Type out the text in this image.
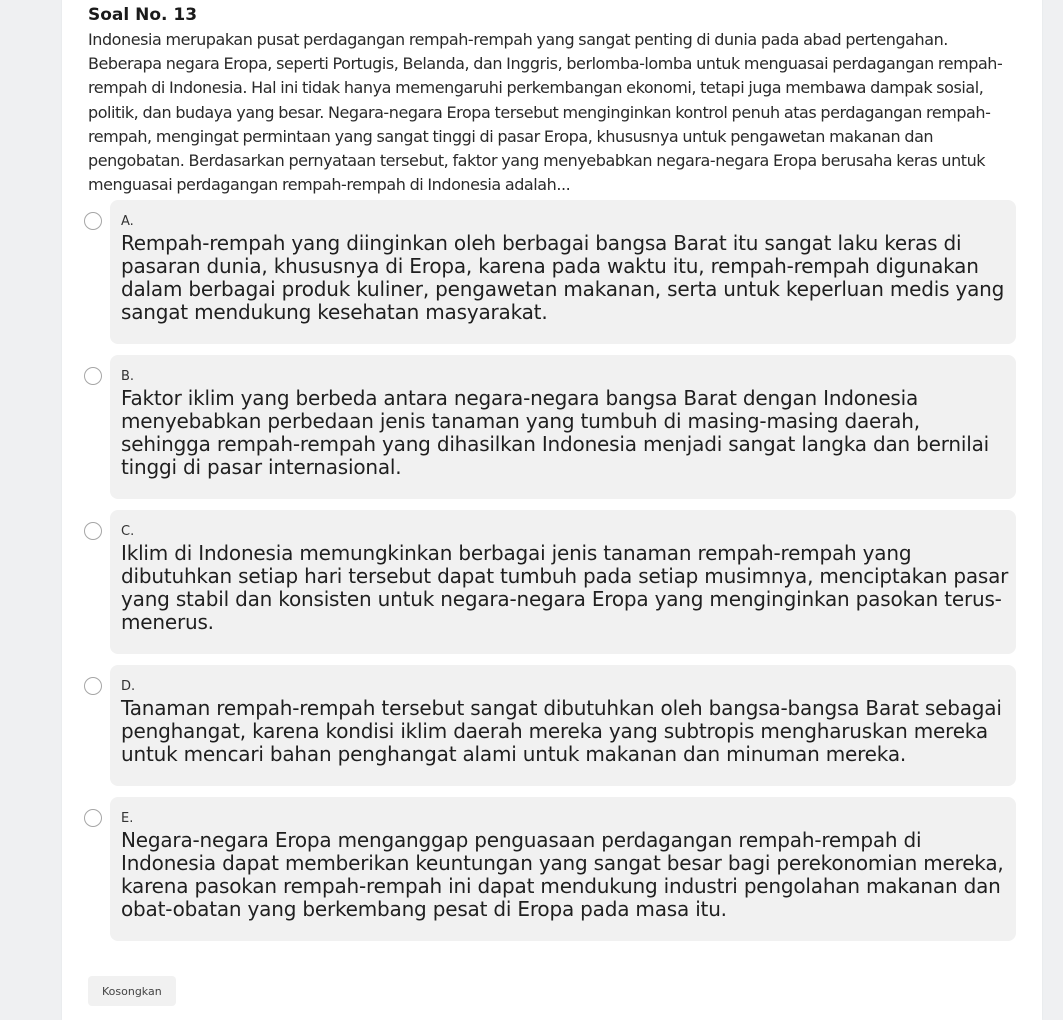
Soal No. 13
Indonesia merupakan pusat perdagangan rempah-rempah yang sangat penting di dunia pada abad pertengahan. Beberapa negara Eropa, seperti Portugis, Belanda, dan Inggris, berlomba-lomba untuk menguasai perdagangan rempah-rempah di Indonesia. Hal ini tidak hanya memengaruhi perkembangan ekonomi, tetapi juga membawa dampak sosial, politik, dan budaya yang besar. Negara-negara Eropa tersebut menginginkan kontrol penuh atas perdagangan rempah-rempah, mengingat permintaan yang sangat tinggi di pasar Eropa, khususnya untuk pengawetan makanan dan pengobatan. Berdasarkan pernyataan tersebut, faktor yang menyebabkan negara-negara Eropa berusaha keras untuk menguasai perdagangan rempah-rempah di Indonesia adalah...
A.
Rempah-rempah yang diinginkan oleh berbagai bangsa Barat itu sangat laku keras di pasaran dunia, khususnya di Eropa, karena pada waktu itu, rempah-rempah digunakan dalam berbagai produk kuliner, pengawetan makanan, serta untuk keperluan medis yang sangat mendukung kesehatan masyarakat.
B.
Faktor iklim yang berbeda antara negara-negara bangsa Barat dengan Indonesia menyebabkan perbedaan jenis tanaman yang tumbuh di masing-masing daerah, sehingga rempah-rempah yang dihasilkan Indonesia menjadi sangat langka dan bernilai tinggi di pasar internasional.
C.
Iklim di Indonesia memungkinkan berbagai jenis tanaman rempah-rempah yang dibutuhkan setiap hari tersebut dapat tumbuh pada setiap musimnya, menciptakan pasar yang stabil dan konsisten untuk negara-negara Eropa yang menginginkan pasokan terus-menerus.
D.
Tanaman rempah-rempah tersebut sangat dibutuhkan oleh bangsa-bangsa Barat sebagai penghangat, karena kondisi iklim daerah mereka yang subtropis mengharuskan mereka untuk mencari bahan penghangat alami untuk makanan dan minuman mereka.
E.
Negara-negara Eropa menganggap penguasaan perdagangan rempah-rempah di Indonesia dapat memberikan keuntungan yang sangat besar bagi perekonomian mereka, karena pasokan rempah-rempah ini dapat mendukung industri pengolahan makanan dan obat-obatan yang berkembang pesat di Eropa pada masa itu.
Kosongkan
